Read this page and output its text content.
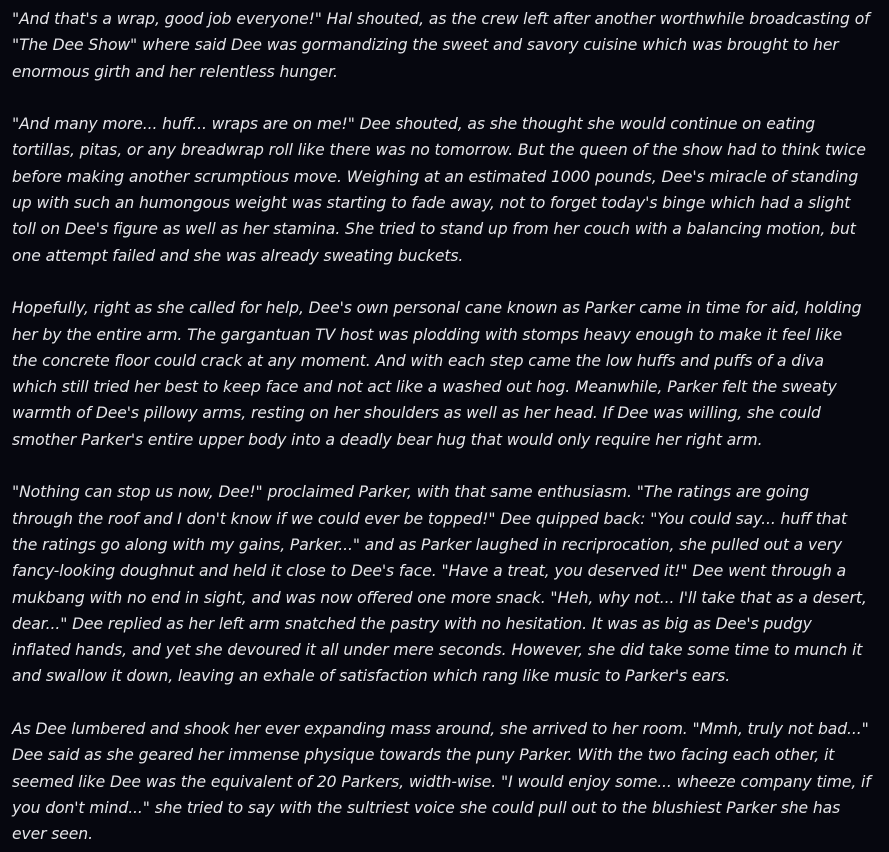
"And that's a wrap, good job everyone!" Hal shouted, as the crew left after another worthwhile broadcasting of "The Dee Show" where said Dee was gormandizing the sweet and savory cuisine which was brought to her enormous girth and her relentless hunger.

"And many more... huff... wraps are on me!" Dee shouted, as she thought she would continue on eating tortillas, pitas, or any breadwrap roll like there was no tomorrow. But the queen of the show had to think twice before making another scrumptious move. Weighing at an estimated 1000 pounds, Dee's miracle of standing up with such an humongous weight was starting to fade away, not to forget today's binge which had a slight toll on Dee's figure as well as her stamina. She tried to stand up from her couch with a balancing motion, but one attempt failed and she was already sweating buckets.

Hopefully, right as she called for help, Dee's own personal cane known as Parker came in time for aid, holding her by the entire arm. The gargantuan TV host was plodding with stomps heavy enough to make it feel like the concrete floor could crack at any moment. And with each step came the low huffs and puffs of a diva which still tried her best to keep face and not act like a washed out hog. Meanwhile, Parker felt the sweaty warmth of Dee's pillowy arms, resting on her shoulders as well as her head. If Dee was willing, she could smother Parker's entire upper body into a deadly bear hug that would only require her right arm.

"Nothing can stop us now, Dee!" proclaimed Parker, with that same enthusiasm. "The ratings are going through the roof and I don't know if we could ever be topped!" Dee quipped back: "You could say... huff that the ratings go along with my gains, Parker..." and as Parker laughed in recriprocation, she pulled out a very fancy-looking doughnut and held it close to Dee's face. "Have a treat, you deserved it!" Dee went through a mukbang with no end in sight, and was now offered one more snack. "Heh, why not... I'll take that as a desert, dear..." Dee replied as her left arm snatched the pastry with no hesitation. It was as big as Dee's pudgy inflated hands, and yet she devoured it all under mere seconds. However, she did take some time to munch it and swallow it down, leaving an exhale of satisfaction which rang like music to Parker's ears.

As Dee lumbered and shook her ever expanding mass around, she arrived to her room. "Mmh, truly not bad..." Dee said as she geared her immense physique towards the puny Parker. With the two facing each other, it seemed like Dee was the equivalent of 20 Parkers, width-wise. "I would enjoy some... wheeze company time, if you don't mind..." she tried to say with the sultriest voice she could pull out to the blushiest Parker she has ever seen.
